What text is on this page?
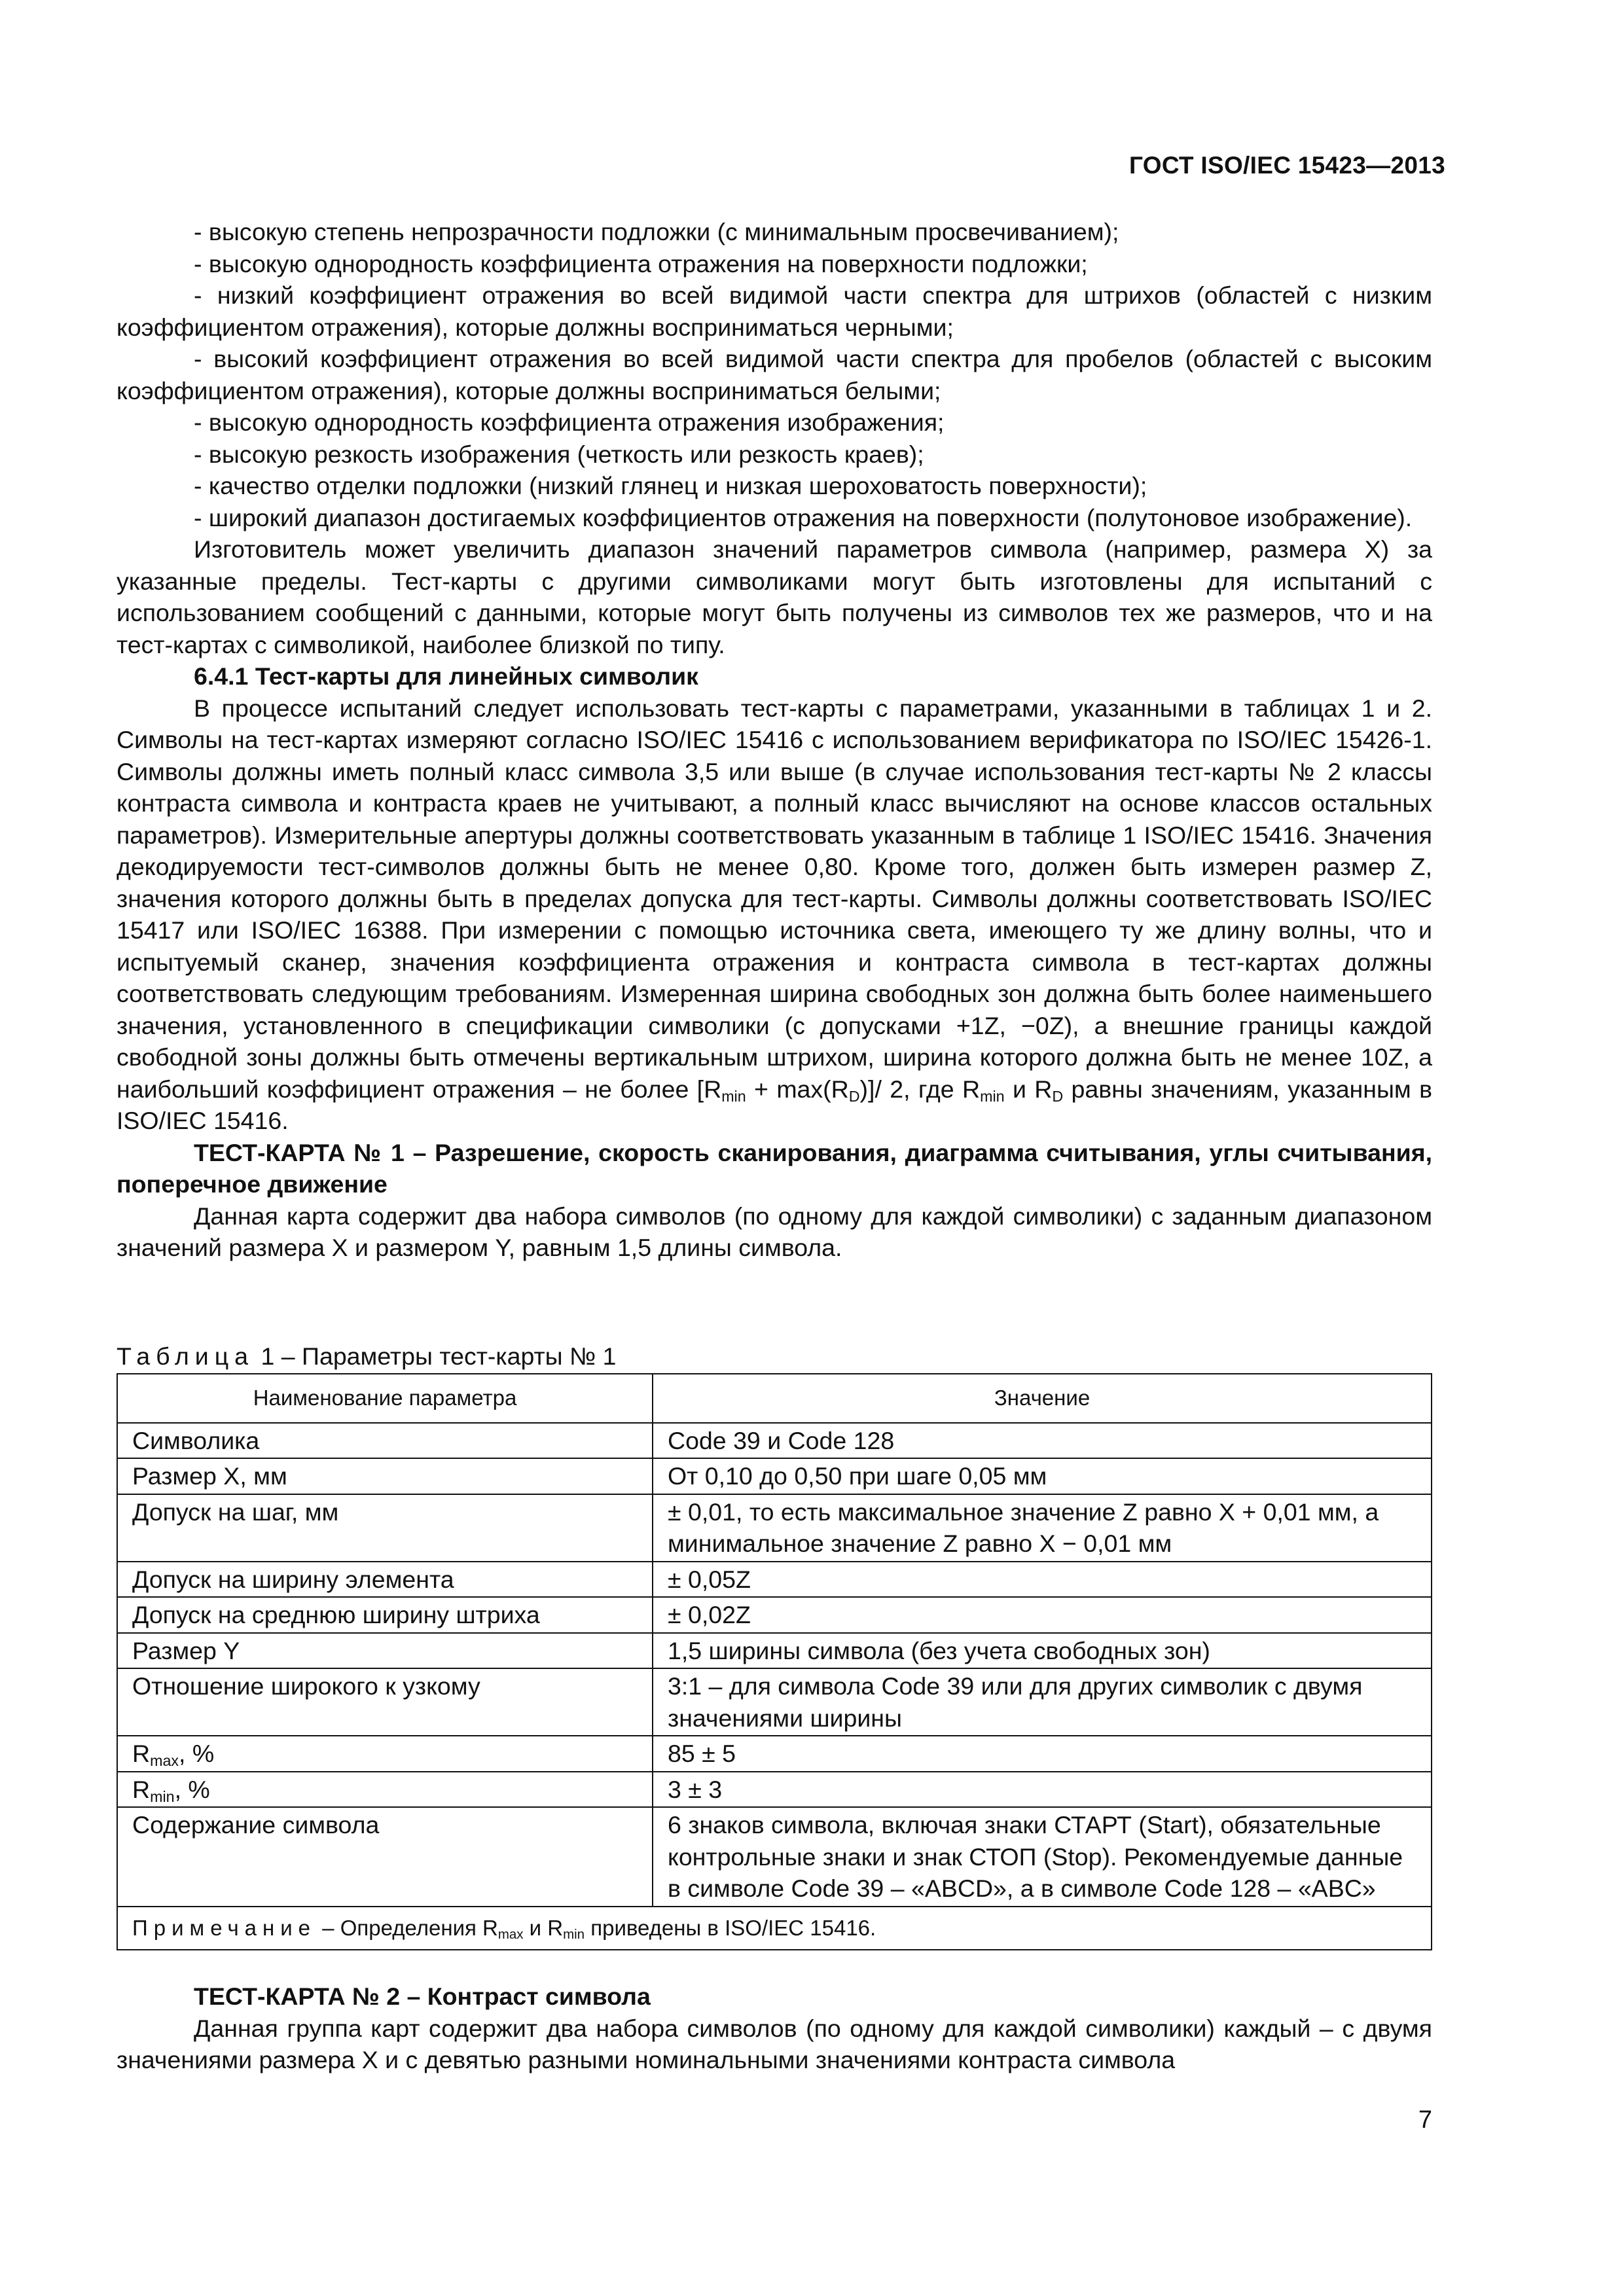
ГОСТ ISO/IEC 15423—2013

- высокую степень непрозрачности подложки (с минимальным просвечиванием);

- высокую однородность коэффициента отражения на поверхности подложки;

- низкий коэффициент отражения во всей видимой части спектра для штрихов (областей с низким коэффициентом отражения), которые должны восприниматься черными;

- высокий коэффициент отражения во всей видимой части спектра для пробелов (областей с высоким коэффициентом отражения), которые должны восприниматься белыми;

- высокую однородность коэффициента отражения изображения;

- высокую резкость изображения (четкость или резкость краев);

- качество отделки подложки (низкий глянец и низкая шероховатость поверхности);

- широкий диапазон достигаемых коэффициентов отражения на поверхности (полутоновое изображение).

Изготовитель может увеличить диапазон значений параметров символа (например, размера X) за указанные пределы. Тест-карты с другими символиками могут быть изготовлены для испытаний с использованием сообщений с данными, которые могут быть получены из символов тех же размеров, что и на тест-картах с символикой, наиболее близкой по типу.

6.4.1 Тест-карты для линейных символик

В процессе испытаний следует использовать тест-карты с параметрами, указанными в таблицах 1 и 2. Символы на тест-картах измеряют согласно ISO/IEC 15416 с использованием верификатора по ISO/IEC 15426-1. Символы должны иметь полный класс символа 3,5 или выше (в случае использования тест-карты № 2 классы контраста символа и контраста краев не учитывают, а полный класс вычисляют на основе классов остальных параметров). Измерительные апертуры должны соответствовать указанным в таблице 1 ISO/IEC 15416. Значения декодируемости тест-символов должны быть не менее 0,80. Кроме того, должен быть измерен размер Z, значения которого должны быть в пределах допуска для тест-карты. Символы должны соответствовать ISO/IEC 15417 или ISO/IEC 16388. При измерении с помощью источника света, имеющего ту же длину волны, что и испытуемый сканер, значения коэффициента отражения и контраста символа в тест-картах должны соответствовать следующим требованиям. Измеренная ширина свободных зон должна быть более наименьшего значения, установленного в спецификации символики (с допусками +1Z, −0Z), а внешние границы каждой свободной зоны должны быть отмечены вертикальным штрихом, ширина которого должна быть не менее 10Z, а наибольший коэффициент отражения – не более $[R_{min} + \max(R_D)]/$ 2, где $R_{min}$ и $R_D$ равны значениям, указанным в ISO/IEC 15416.

ТЕСТ-КАРТА № 1 – Разрешение, скорость сканирования, диаграмма считывания, углы считывания, поперечное движение

Данная карта содержит два набора символов (по одному для каждой символики) с заданным диапазоном значений размера X и размером Y, равным 1,5 длины символа.

Таблица 1 – Параметры тест-карты № 1
Наименование параметра	Значение
Символика	Code 39 и Code 128
Размер X, мм	От 0,10 до 0,50 при шаге 0,05 мм
Допуск на шаг, мм	± 0,01, то есть максимальное значение Z равно X + 0,01 мм, а минимальное значение Z равно X − 0,01 мм
Допуск на ширину элемента	± 0,05Z
Допуск на среднюю ширину штриха	± 0,02Z
Размер Y	1,5 ширины символа (без учета свободных зон)
Отношение широкого к узкому	3:1 – для символа Code 39 или для других символик с двумя значениями ширины
$R_{max}$, %	85 ± 5
$R_{min}$, %	3 ± 3
Содержание символа	6 знаков символа, включая знаки СТАРТ (Start), обязательные контрольные знаки и знак СТОП (Stop). Рекомендуемые данные в символе Code 39 – «ABCD», а в символе Code 128 – «ABC»
Примечание – Определения $R_{max}$ и $R_{min}$ приведены в ISO/IEC 15416.	

ТЕСТ-КАРТА № 2 – Контраст символа

Данная группа карт содержит два набора символов (по одному для каждой символики) каждый – с двумя значениями размера X и с девятью разными номинальными значениями контраста символа

7
